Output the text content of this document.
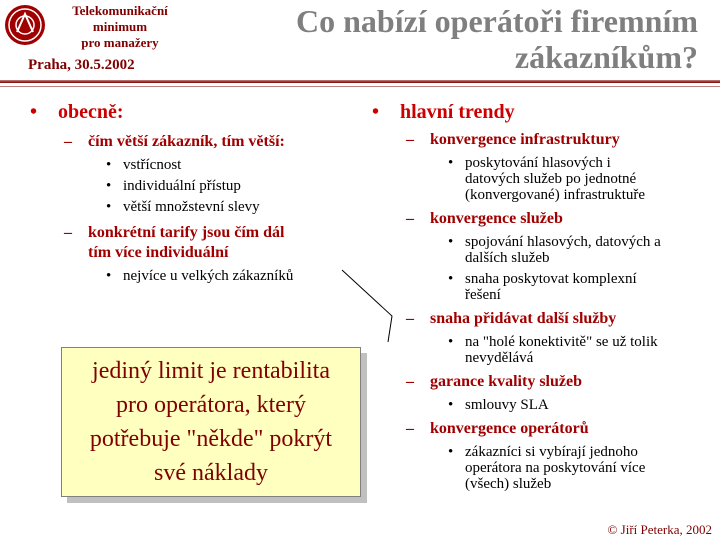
Telekomunikační
minimum
pro manažery
Praha, 30.5.2002
Co nabízí operátoři firemním
zákazníkům?
• obecně:
– čím větší zákazník, tím větší:
• vstřícnost
• individuální přístup
• větší množstevní slevy
– konkrétní tarify jsou čím dál
tím více individuální
• nejvíce u velkých zákazníků
• hlavní trendy
– konvergence infrastruktury
• poskytování hlasových i
datových služeb po jednotné
(konvergované) infrastruktuře
– konvergence služeb
• spojování hlasových, datových a
dalších služeb
• snaha poskytovat komplexní
řešení
– snaha přidávat další služby
• na "holé konektivitě" se už tolik
nevydělává
– garance kvality služeb
• smlouvy SLA
– konvergence operátorů
• zákazníci si vybírají jednoho
operátora na poskytování více
(všech) služeb
jediný limit je rentabilita
pro operátora, který
potřebuje "někde" pokrýt
své náklady
© Jiří Peterka, 2002
